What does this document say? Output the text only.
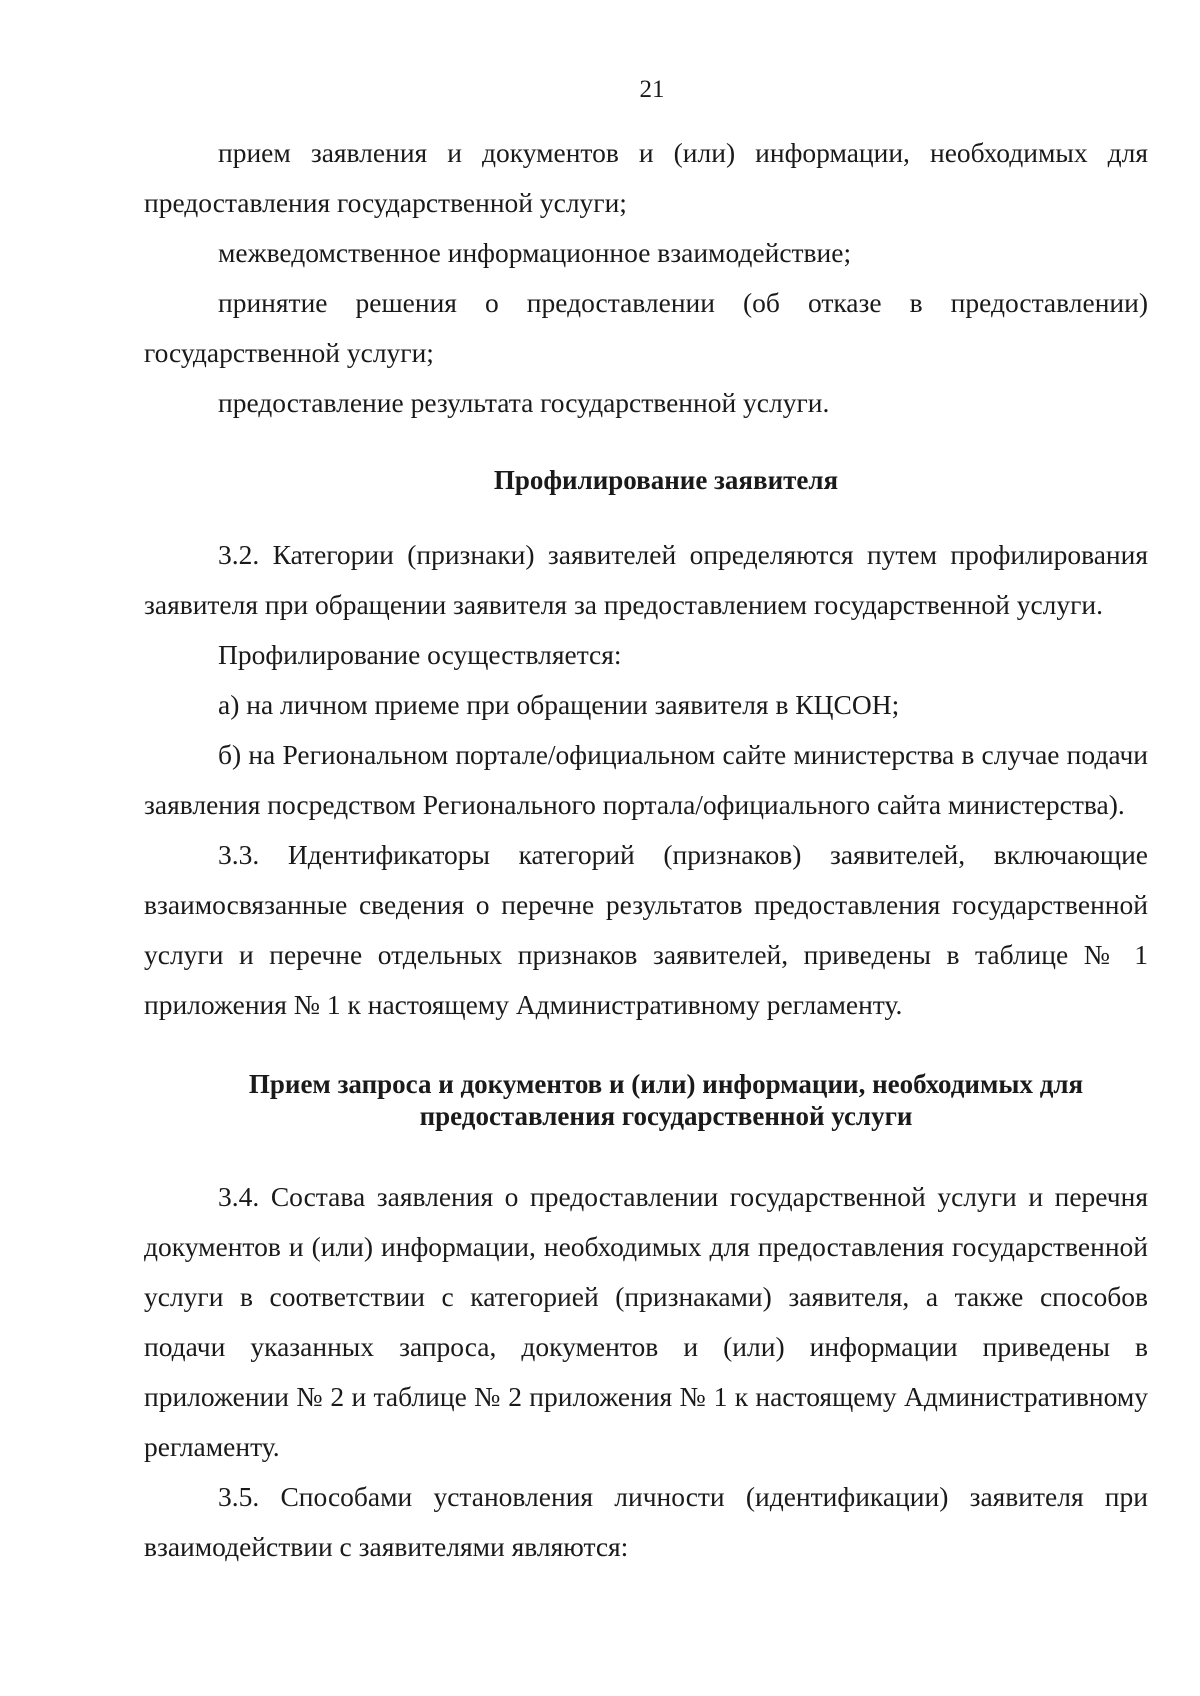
21

прием заявления и документов и (или) информации, необходимых для предоставления государственной услуги;

межведомственное информационное взаимодействие;

принятие решения о предоставлении (об отказе в предоставлении) государственной услуги;

предоставление результата государственной услуги.

Профилирование заявителя

3.2. Категории (признаки) заявителей определяются путем профилирования заявителя при обращении заявителя за предоставлением государственной услуги.

Профилирование осуществляется:

а) на личном приеме при обращении заявителя в КЦСОН;

б) на Региональном портале/официальном сайте министерства в случае подачи заявления посредством Регионального портала/официального сайта министерства).

3.3. Идентификаторы категорий (признаков) заявителей, включающие взаимосвязанные сведения о перечне результатов предоставления государственной услуги и перечне отдельных признаков заявителей, приведены в таблице № 1 приложения № 1 к настоящему Административному регламенту.

Прием запроса и документов и (или) информации, необходимых для
предоставления государственной услуги

3.4. Состава заявления о предоставлении государственной услуги и перечня документов и (или) информации, необходимых для предоставления государственной услуги в соответствии с категорией (признаками) заявителя, а также способов подачи указанных запроса, документов и (или) информации приведены в приложении № 2 и таблице № 2 приложения № 1 к настоящему Административному регламенту.

3.5. Способами установления личности (идентификации) заявителя при взаимодействии с заявителями являются:
